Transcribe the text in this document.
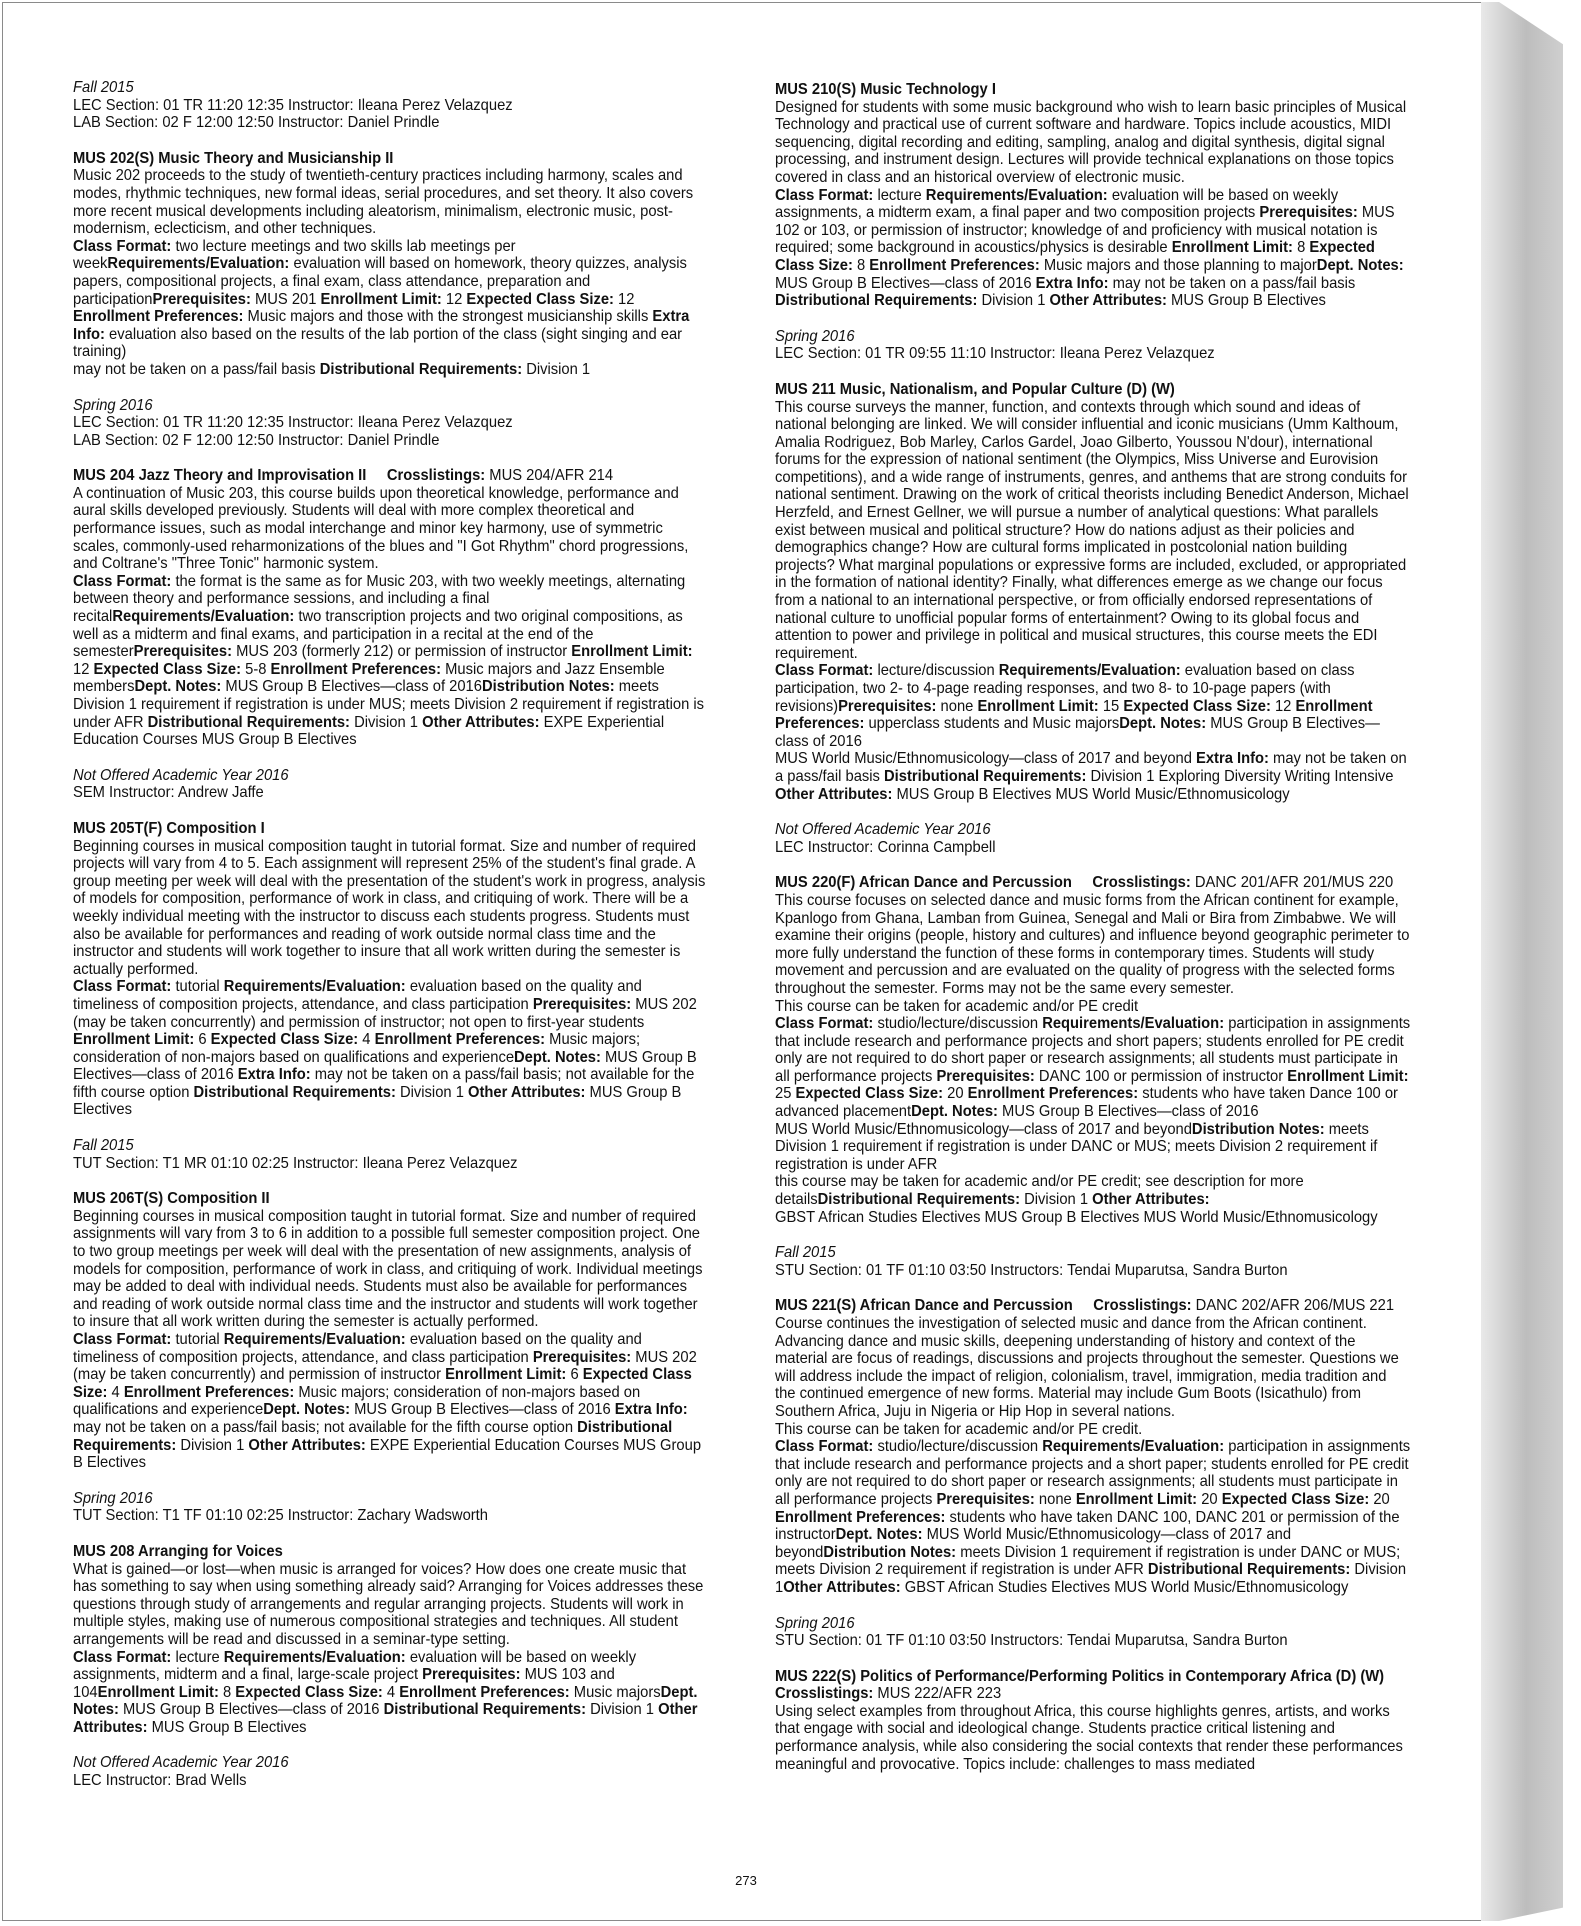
Fall 2015
LEC Section: 01 TR 11:20 12:35 Instructor: Ileana Perez Velazquez
LAB Section: 02 F 12:00 12:50 Instructor: Daniel Prindle
MUS 202(S) Music Theory and Musicianship II
Music 202 proceeds to the study of twentieth-century practices including harmony, scales and modes, rhythmic techniques, new formal ideas, serial procedures, and set theory. It also covers more recent musical developments including aleatorism, minimalism, electronic music, post-modernism, eclecticism, and other techniques.
Class Format: two lecture meetings and two skills lab meetings per weekRequirements/Evaluation: evaluation will based on homework, theory quizzes, analysis papers, compositional projects, a final exam, class attendance, preparation and participationPrerequisites: MUS 201 Enrollment Limit: 12 Expected Class Size: 12 Enrollment Preferences: Music majors and those with the strongest musicianship skills Extra Info: evaluation also based on the results of the lab portion of the class (sight singing and ear training)
may not be taken on a pass/fail basis Distributional Requirements: Division 1
Spring 2016
LEC Section: 01 TR 11:20 12:35 Instructor: Ileana Perez Velazquez
LAB Section: 02 F 12:00 12:50 Instructor: Daniel Prindle
MUS 204 Jazz Theory and Improvisation II Crosslistings: MUS 204/AFR 214
A continuation of Music 203, this course builds upon theoretical knowledge, performance and aural skills developed previously. Students will deal with more complex theoretical and performance issues, such as modal interchange and minor key harmony, use of symmetric scales, commonly-used reharmonizations of the blues and "I Got Rhythm" chord progressions, and Coltrane's "Three Tonic" harmonic system.
Class Format: the format is the same as for Music 203, with two weekly meetings, alternating between theory and performance sessions, and including a final recitalRequirements/Evaluation: two transcription projects and two original compositions, as well as a midterm and final exams, and participation in a recital at the end of the semesterPrerequisites: MUS 203 (formerly 212) or permission of instructor Enrollment Limit: 12 Expected Class Size: 5-8 Enrollment Preferences: Music majors and Jazz Ensemble membersDept. Notes: MUS Group B Electives—class of 2016Distribution Notes: meets Division 1 requirement if registration is under MUS; meets Division 2 requirement if registration is under AFR Distributional Requirements: Division 1 Other Attributes: EXPE Experiential Education Courses MUS Group B Electives
Not Offered Academic Year 2016
SEM Instructor: Andrew Jaffe
MUS 205T(F) Composition I
Beginning courses in musical composition taught in tutorial format. Size and number of required projects will vary from 4 to 5. Each assignment will represent 25% of the student's final grade. A group meeting per week will deal with the presentation of the student's work in progress, analysis of models for composition, performance of work in class, and critiquing of work. There will be a weekly individual meeting with the instructor to discuss each students progress. Students must also be available for performances and reading of work outside normal class time and the instructor and students will work together to insure that all work written during the semester is actually performed.
Class Format: tutorial Requirements/Evaluation: evaluation based on the quality and timeliness of composition projects, attendance, and class participation Prerequisites: MUS 202 (may be taken concurrently) and permission of instructor; not open to first-year students Enrollment Limit: 6 Expected Class Size: 4 Enrollment Preferences: Music majors; consideration of non-majors based on qualifications and experienceDept. Notes: MUS Group B Electives—class of 2016 Extra Info: may not be taken on a pass/fail basis; not available for the fifth course option Distributional Requirements: Division 1 Other Attributes: MUS Group B Electives
Fall 2015
TUT Section: T1 MR 01:10 02:25 Instructor: Ileana Perez Velazquez
MUS 206T(S) Composition II
Beginning courses in musical composition taught in tutorial format. Size and number of required assignments will vary from 3 to 6 in addition to a possible full semester composition project. One to two group meetings per week will deal with the presentation of new assignments, analysis of models for composition, performance of work in class, and critiquing of work. Individual meetings may be added to deal with individual needs. Students must also be available for performances and reading of work outside normal class time and the instructor and students will work together to insure that all work written during the semester is actually performed.
Class Format: tutorial Requirements/Evaluation: evaluation based on the quality and timeliness of composition projects, attendance, and class participation Prerequisites: MUS 202 (may be taken concurrently) and permission of instructor Enrollment Limit: 6 Expected Class Size: 4 Enrollment Preferences: Music majors; consideration of non-majors based on qualifications and experienceDept. Notes: MUS Group B Electives—class of 2016 Extra Info: may not be taken on a pass/fail basis; not available for the fifth course option Distributional Requirements: Division 1 Other Attributes: EXPE Experiential Education Courses MUS Group B Electives
Spring 2016
TUT Section: T1 TF 01:10 02:25 Instructor: Zachary Wadsworth
MUS 208 Arranging for Voices
What is gained—or lost—when music is arranged for voices? How does one create music that has something to say when using something already said? Arranging for Voices addresses these questions through study of arrangements and regular arranging projects. Students will work in multiple styles, making use of numerous compositional strategies and techniques. All student arrangements will be read and discussed in a seminar-type setting.
Class Format: lecture Requirements/Evaluation: evaluation will be based on weekly assignments, midterm and a final, large-scale project Prerequisites: MUS 103 and 104Enrollment Limit: 8 Expected Class Size: 4 Enrollment Preferences: Music majorsDept. Notes: MUS Group B Electives—class of 2016 Distributional Requirements: Division 1 Other Attributes: MUS Group B Electives
Not Offered Academic Year 2016
LEC Instructor: Brad Wells
MUS 210(S) Music Technology I
Designed for students with some music background who wish to learn basic principles of Musical Technology and practical use of current software and hardware. Topics include acoustics, MIDI sequencing, digital recording and editing, sampling, analog and digital synthesis, digital signal processing, and instrument design. Lectures will provide technical explanations on those topics covered in class and an historical overview of electronic music.
Class Format: lecture Requirements/Evaluation: evaluation will be based on weekly assignments, a midterm exam, a final paper and two composition projects Prerequisites: MUS 102 or 103, or permission of instructor; knowledge of and proficiency with musical notation is required; some background in acoustics/physics is desirable Enrollment Limit: 8 Expected Class Size: 8 Enrollment Preferences: Music majors and those planning to majorDept. Notes: MUS Group B Electives—class of 2016 Extra Info: may not be taken on a pass/fail basis Distributional Requirements: Division 1 Other Attributes: MUS Group B Electives
Spring 2016
LEC Section: 01 TR 09:55 11:10 Instructor: Ileana Perez Velazquez
MUS 211 Music, Nationalism, and Popular Culture (D) (W)
This course surveys the manner, function, and contexts through which sound and ideas of national belonging are linked. We will consider influential and iconic musicians (Umm Kalthoum, Amalia Rodriguez, Bob Marley, Carlos Gardel, Joao Gilberto, Youssou N'dour), international forums for the expression of national sentiment (the Olympics, Miss Universe and Eurovision competitions), and a wide range of instruments, genres, and anthems that are strong conduits for national sentiment. Drawing on the work of critical theorists including Benedict Anderson, Michael Herzfeld, and Ernest Gellner, we will pursue a number of analytical questions: What parallels exist between musical and political structure? How do nations adjust as their policies and demographics change? How are cultural forms implicated in postcolonial nation building projects? What marginal populations or expressive forms are included, excluded, or appropriated in the formation of national identity? Finally, what differences emerge as we change our focus from a national to an international perspective, or from officially endorsed representations of national culture to unofficial popular forms of entertainment? Owing to its global focus and attention to power and privilege in political and musical structures, this course meets the EDI requirement.
Class Format: lecture/discussion Requirements/Evaluation: evaluation based on class participation, two 2- to 4-page reading responses, and two 8- to 10-page papers (with revisions)Prerequisites: none Enrollment Limit: 15 Expected Class Size: 12 Enrollment Preferences: upperclass students and Music majorsDept. Notes: MUS Group B Electives—class of 2016
MUS World Music/Ethnomusicology—class of 2017 and beyond Extra Info: may not be taken on a pass/fail basis Distributional Requirements: Division 1 Exploring Diversity Writing Intensive Other Attributes: MUS Group B Electives MUS World Music/Ethnomusicology
Not Offered Academic Year 2016
LEC Instructor: Corinna Campbell
MUS 220(F) African Dance and Percussion Crosslistings: DANC 201/AFR 201/MUS 220
This course focuses on selected dance and music forms from the African continent for example, Kpanlogo from Ghana, Lamban from Guinea, Senegal and Mali or Bira from Zimbabwe. We will examine their origins (people, history and cultures) and influence beyond geographic perimeter to more fully understand the function of these forms in contemporary times. Students will study movement and percussion and are evaluated on the quality of progress with the selected forms throughout the semester. Forms may not be the same every semester.
This course can be taken for academic and/or PE credit
Class Format: studio/lecture/discussion Requirements/Evaluation: participation in assignments that include research and performance projects and short papers; students enrolled for PE credit only are not required to do short paper or research assignments; all students must participate in all performance projects Prerequisites: DANC 100 or permission of instructor Enrollment Limit: 25 Expected Class Size: 20 Enrollment Preferences: students who have taken Dance 100 or advanced placementDept. Notes: MUS Group B Electives—class of 2016
MUS World Music/Ethnomusicology—class of 2017 and beyondDistribution Notes: meets Division 1 requirement if registration is under DANC or MUS; meets Division 2 requirement if registration is under AFR
this course may be taken for academic and/or PE credit; see description for more detailsDistributional Requirements: Division 1 Other Attributes:
GBST African Studies Electives MUS Group B Electives MUS World Music/Ethnomusicology
Fall 2015
STU Section: 01 TF 01:10 03:50 Instructors: Tendai Muparutsa, Sandra Burton
MUS 221(S) African Dance and Percussion Crosslistings: DANC 202/AFR 206/MUS 221
Course continues the investigation of selected music and dance from the African continent. Advancing dance and music skills, deepening understanding of history and context of the material are focus of readings, discussions and projects throughout the semester. Questions we will address include the impact of religion, colonialism, travel, immigration, media tradition and the continued emergence of new forms. Material may include Gum Boots (Isicathulo) from Southern Africa, Juju in Nigeria or Hip Hop in several nations.
This course can be taken for academic and/or PE credit.
Class Format: studio/lecture/discussion Requirements/Evaluation: participation in assignments that include research and performance projects and a short paper; students enrolled for PE credit only are not required to do short paper or research assignments; all students must participate in all performance projects Prerequisites: none Enrollment Limit: 20 Expected Class Size: 20 Enrollment Preferences: students who have taken DANC 100, DANC 201 or permission of the instructorDept. Notes: MUS World Music/Ethnomusicology—class of 2017 and beyondDistribution Notes: meets Division 1 requirement if registration is under DANC or MUS; meets Division 2 requirement if registration is under AFR Distributional Requirements: Division 1Other Attributes: GBST African Studies Electives MUS World Music/Ethnomusicology
Spring 2016
STU Section: 01 TF 01:10 03:50 Instructors: Tendai Muparutsa, Sandra Burton
MUS 222(S) Politics of Performance/Performing Politics in Contemporary Africa (D) (W)
Crosslistings: MUS 222/AFR 223
Using select examples from throughout Africa, this course highlights genres, artists, and works that engage with social and ideological change. Students practice critical listening and performance analysis, while also considering the social contexts that render these performances meaningful and provocative. Topics include: challenges to mass mediated
273
